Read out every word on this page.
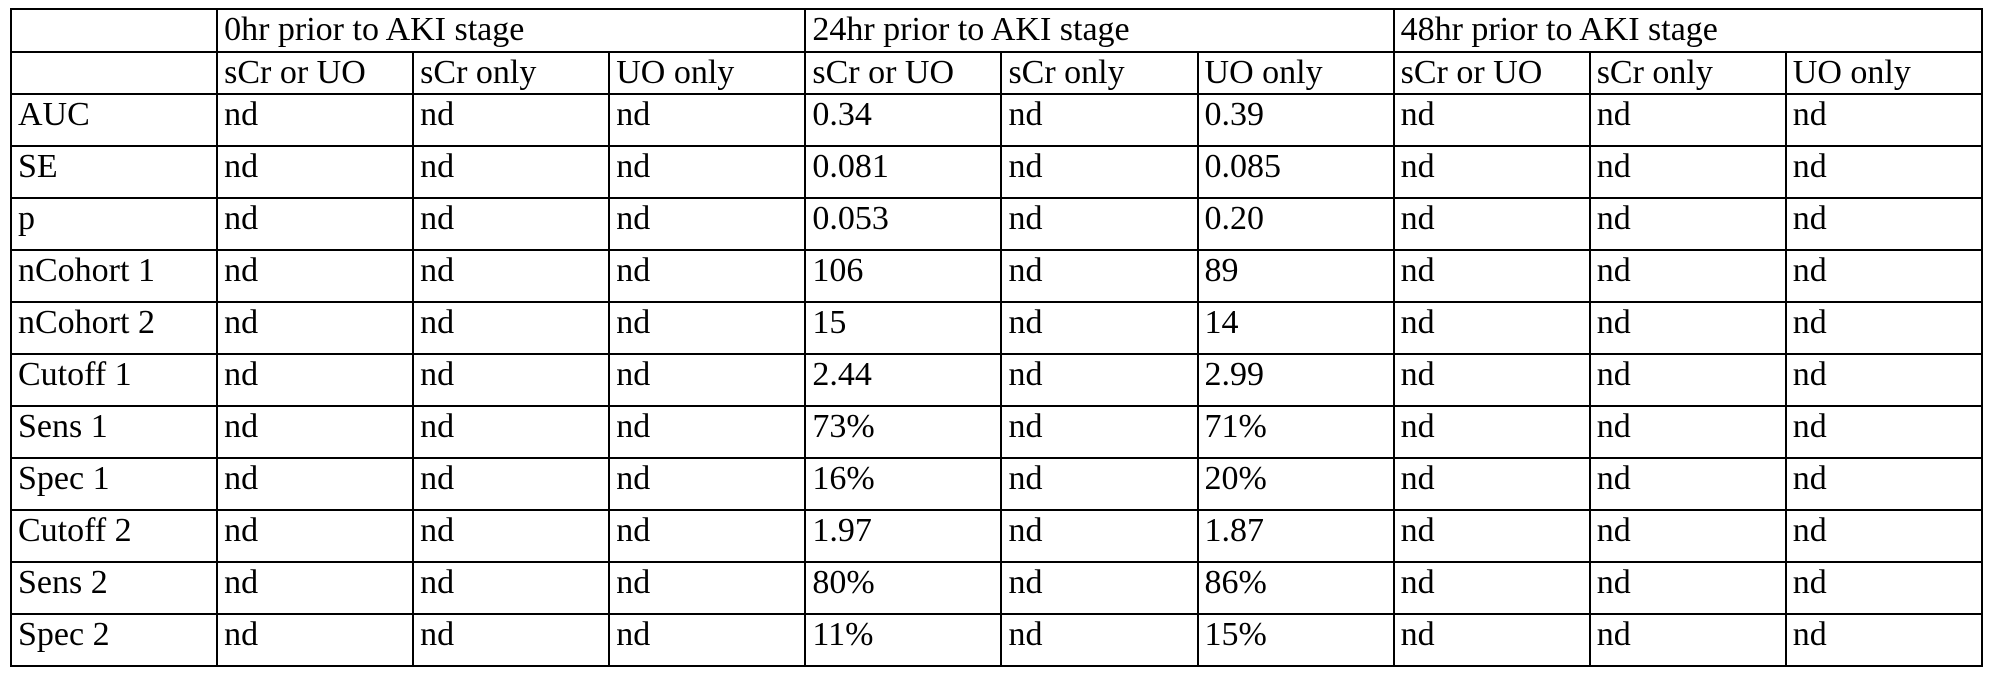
	0hr prior to AKI stage			24hr prior to AKI stage			48hr prior to AKI stage		
	sCr or UO	sCr only	UO only	sCr or UO	sCr only	UO only	sCr or UO	sCr only	UO only
AUC	nd	nd	nd	0.34	nd	0.39	nd	nd	nd
SE	nd	nd	nd	0.081	nd	0.085	nd	nd	nd
p	nd	nd	nd	0.053	nd	0.20	nd	nd	nd
nCohort 1	nd	nd	nd	106	nd	89	nd	nd	nd
nCohort 2	nd	nd	nd	15	nd	14	nd	nd	nd
Cutoff 1	nd	nd	nd	2.44	nd	2.99	nd	nd	nd
Sens 1	nd	nd	nd	73%	nd	71%	nd	nd	nd
Spec 1	nd	nd	nd	16%	nd	20%	nd	nd	nd
Cutoff 2	nd	nd	nd	1.97	nd	1.87	nd	nd	nd
Sens 2	nd	nd	nd	80%	nd	86%	nd	nd	nd
Spec 2	nd	nd	nd	11%	nd	15%	nd	nd	nd
